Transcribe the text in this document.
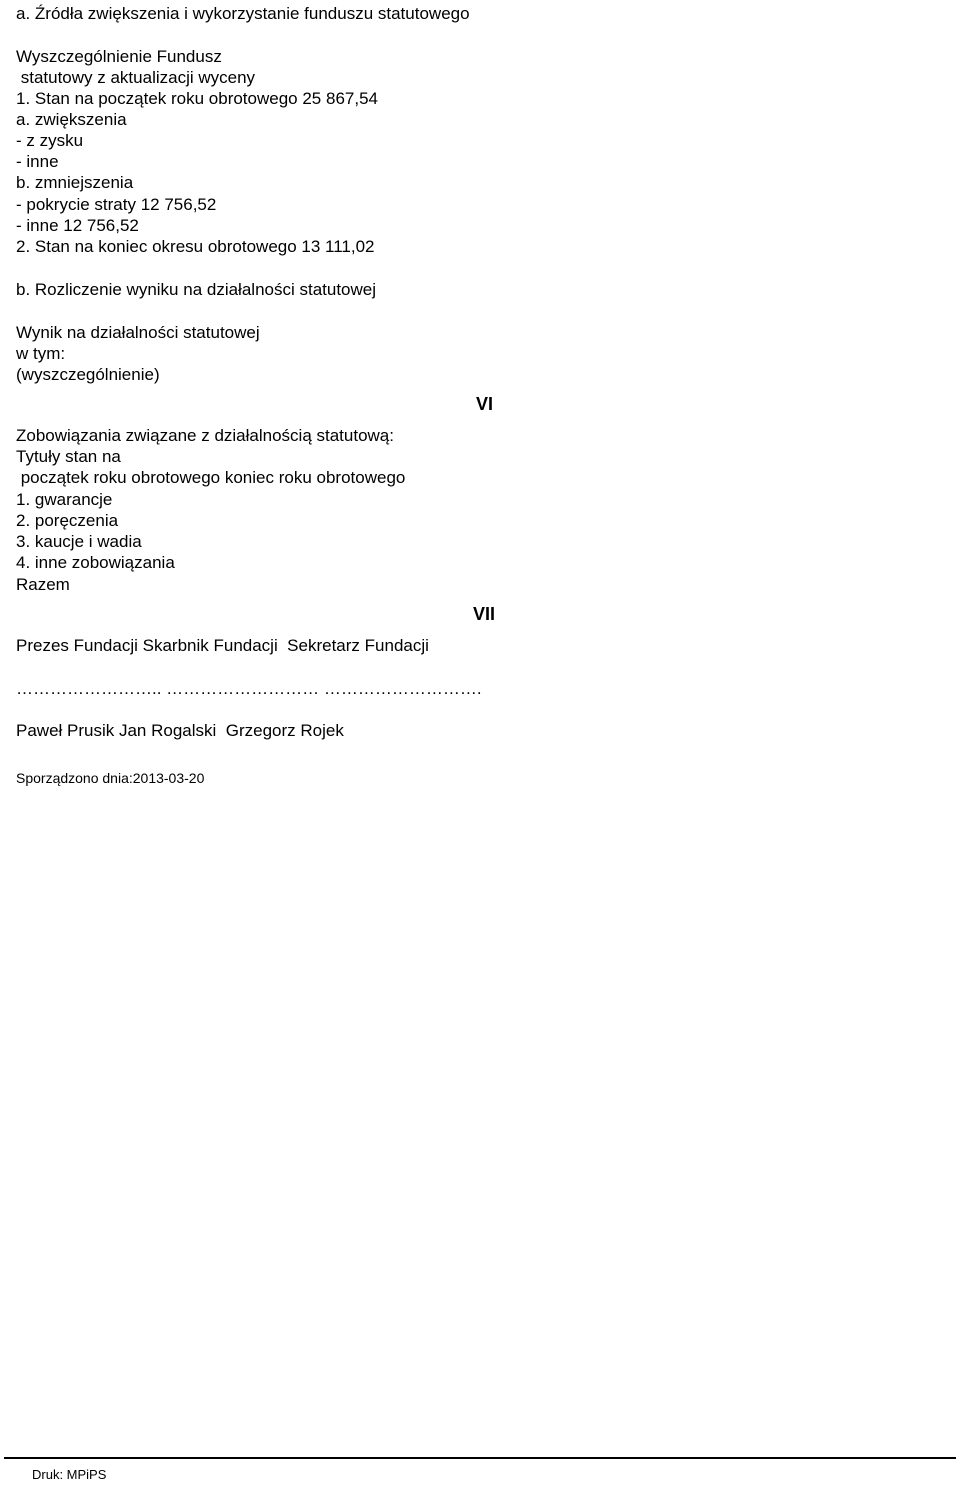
a. Źródła zwiększenia i wykorzystanie funduszu statutowego
Wyszczególnienie Fundusz
statutowy z aktualizacji wyceny
1. Stan na początek roku obrotowego 25 867,54
a. zwiększenia
- z zysku
- inne
b. zmniejszenia
- pokrycie straty 12 756,52
- inne 12 756,52
2. Stan na koniec okresu obrotowego 13 111,02
b. Rozliczenie wyniku na działalności statutowej
Wynik na działalności statutowej
w tym:
(wyszczególnienie)
VI
Zobowiązania związane z działalnością statutową:
Tytuły stan na
początek roku obrotowego koniec roku obrotowego
1. gwarancje
2. poręczenia
3. kaucje i wadia
4. inne zobowiązania
Razem
VII
Prezes Fundacji Skarbnik Fundacji  Sekretarz Fundacji
…………………….. ……………………… ……………………….
Paweł Prusik Jan Rogalski  Grzegorz Rojek
Sporządzono dnia:2013-03-20
Druk: MPiPS
